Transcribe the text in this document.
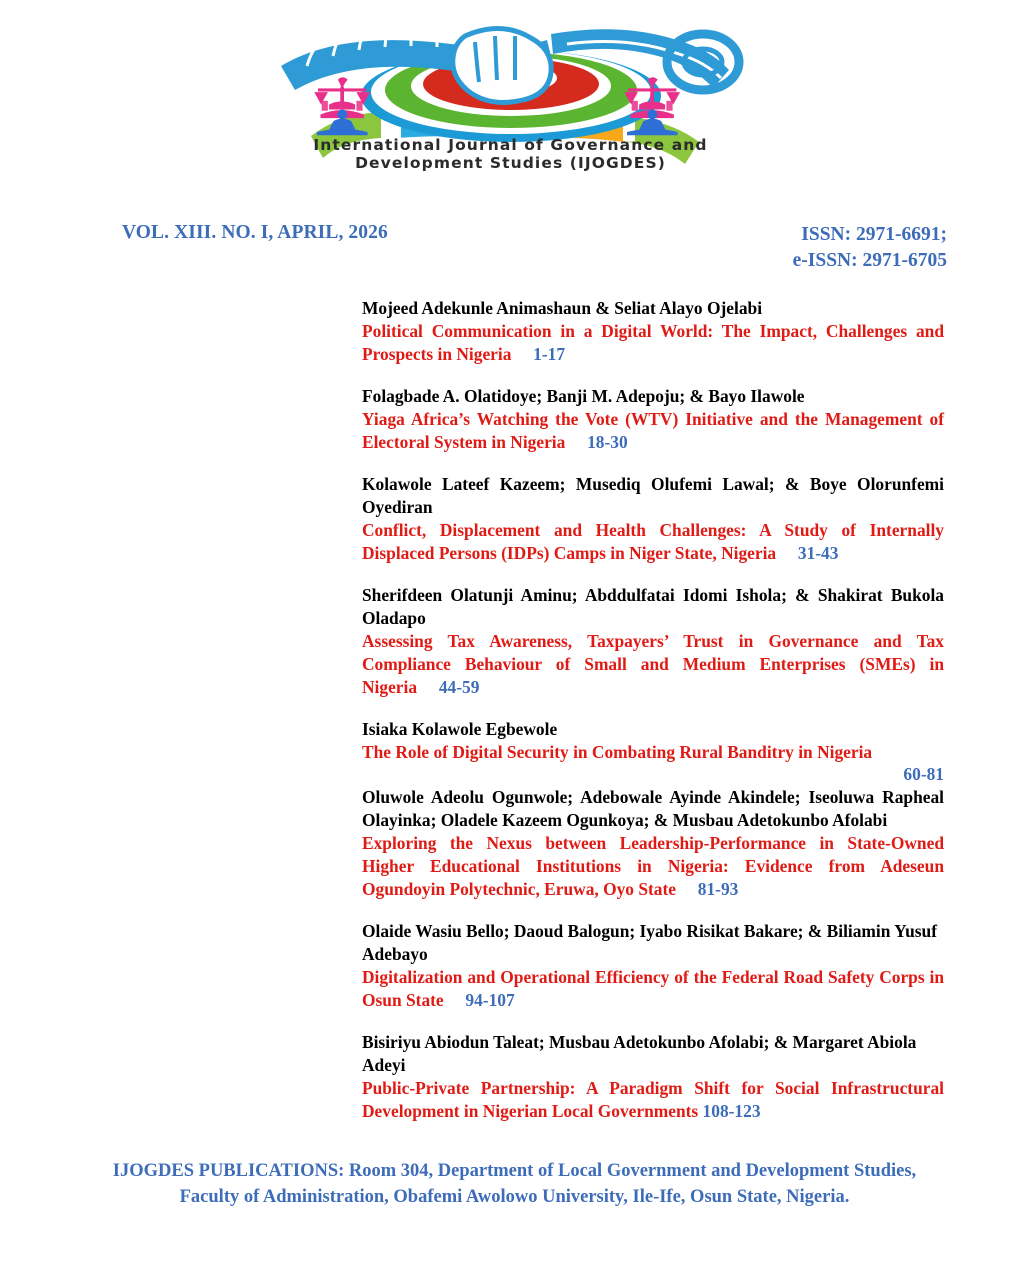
International Journal of Governance and
Development Studies (IJOGDES)
VOL. XIII. NO. I, APRIL, 2026	ISSN: 2971-6691;
e-ISSN: 2971-6705

Mojeed Adekunle Animashaun & Seliat Alayo Ojelabi

Political Communication in a Digital World: The Impact, Challenges and Prospects in Nigeria 1-17

Folagbade A. Olatidoye; Banji M. Adepoju; & Bayo Ilawole

Yiaga Africa’s Watching the Vote (WTV) Initiative and the Management of Electoral System in Nigeria 18-30

Kolawole Lateef Kazeem; Musediq Olufemi Lawal; & Boye Olorunfemi Oyediran

Conflict, Displacement and Health Challenges: A Study of Internally Displaced Persons (IDPs) Camps in Niger State, Nigeria 31-43

Sherifdeen Olatunji Aminu; Abddulfatai Idomi Ishola; & Shakirat Bukola Oladapo

Assessing Tax Awareness, Taxpayers’ Trust in Governance and Tax Compliance Behaviour of Small and Medium Enterprises (SMEs) in Nigeria 44-59

Isiaka Kolawole Egbewole

The Role of Digital Security in Combating Rural Banditry in Nigeria

60-81

Oluwole Adeolu Ogunwole; Adebowale Ayinde Akindele; Iseoluwa Rapheal Olayinka; Oladele Kazeem Ogunkoya; & Musbau Adetokunbo Afolabi

Exploring the Nexus between Leadership-Performance in State-Owned Higher Educational Institutions in Nigeria: Evidence from Adeseun Ogundoyin Polytechnic, Eruwa, Oyo State 81-93

Olaide Wasiu Bello; Daoud Balogun; Iyabo Risikat Bakare; & Biliamin Yusuf Adebayo

Digitalization and Operational Efficiency of the Federal Road Safety Corps in Osun State 94-107

Bisiriyu Abiodun Taleat; Musbau Adetokunbo Afolabi; & Margaret Abiola Adeyi

Public-Private Partnership: A Paradigm Shift for Social Infrastructural Development in Nigerian Local Governments 108-123

IJOGDES PUBLICATIONS: Room 304, Department of Local Government and Development Studies,
Faculty of Administration, Obafemi Awolowo University, Ile-Ife, Osun State, Nigeria.
